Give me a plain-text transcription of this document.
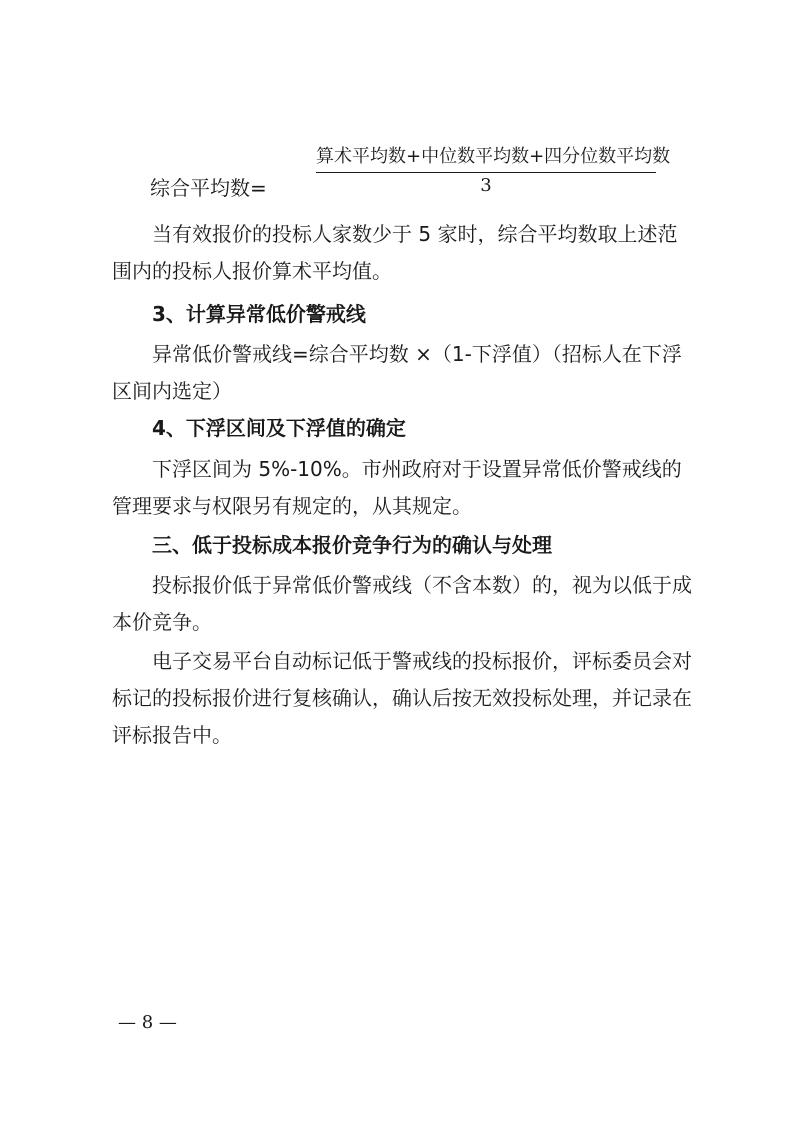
综合平均数=
算术平均数+中位数平均数+四分位数平均数
3

当有效报价的投标人家数少于 5 家时，综合平均数取上述范围内的投标人报价算术平均值。

3、计算异常低价警戒线

异常低价警戒线=综合平均数 ×（1-下浮值）（招标人在下浮区间内选定）

4、下浮区间及下浮值的确定

下浮区间为 5%-10%。市州政府对于设置异常低价警戒线的管理要求与权限另有规定的，从其规定。

三、低于投标成本报价竞争行为的确认与处理

投标报价低于异常低价警戒线（不含本数）的，视为以低于成本价竞争。

电子交易平台自动标记低于警戒线的投标报价，评标委员会对标记的投标报价进行复核确认，确认后按无效投标处理，并记录在评标报告中。

— 8 —
